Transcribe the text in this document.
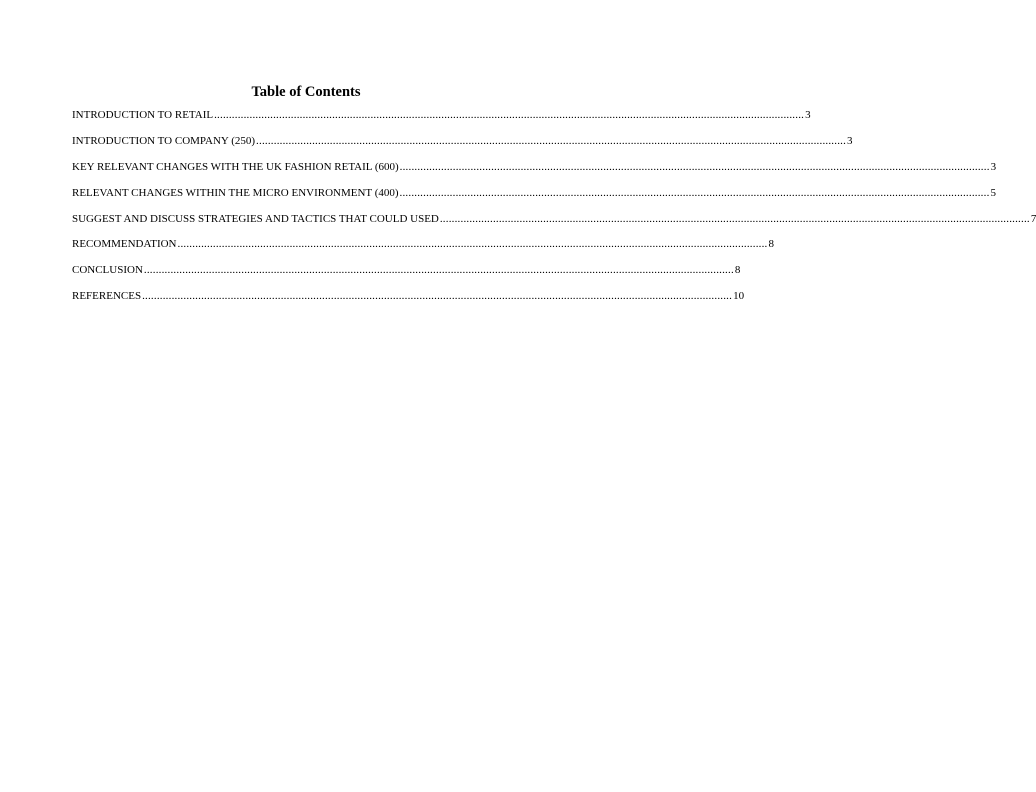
Table of Contents
INTRODUCTION TO RETAIL ........................................................................................................................................................................................................ 3
INTRODUCTION TO COMPANY (250) ........................................................................................................................................................................................................ 3
KEY RELEVANT CHANGES WITH THE UK FASHION RETAIL (600) ........................................................................................................................................................................................................ 3
RELEVANT CHANGES WITHIN THE MICRO ENVIRONMENT (400) ........................................................................................................................................................................................................ 5
SUGGEST AND DISCUSS STRATEGIES AND TACTICS THAT COULD USED ........................................................................................................................................................................................................ 7
RECOMMENDATION ........................................................................................................................................................................................................ 8
CONCLUSION ........................................................................................................................................................................................................ 8
REFERENCES ........................................................................................................................................................................................................ 10
